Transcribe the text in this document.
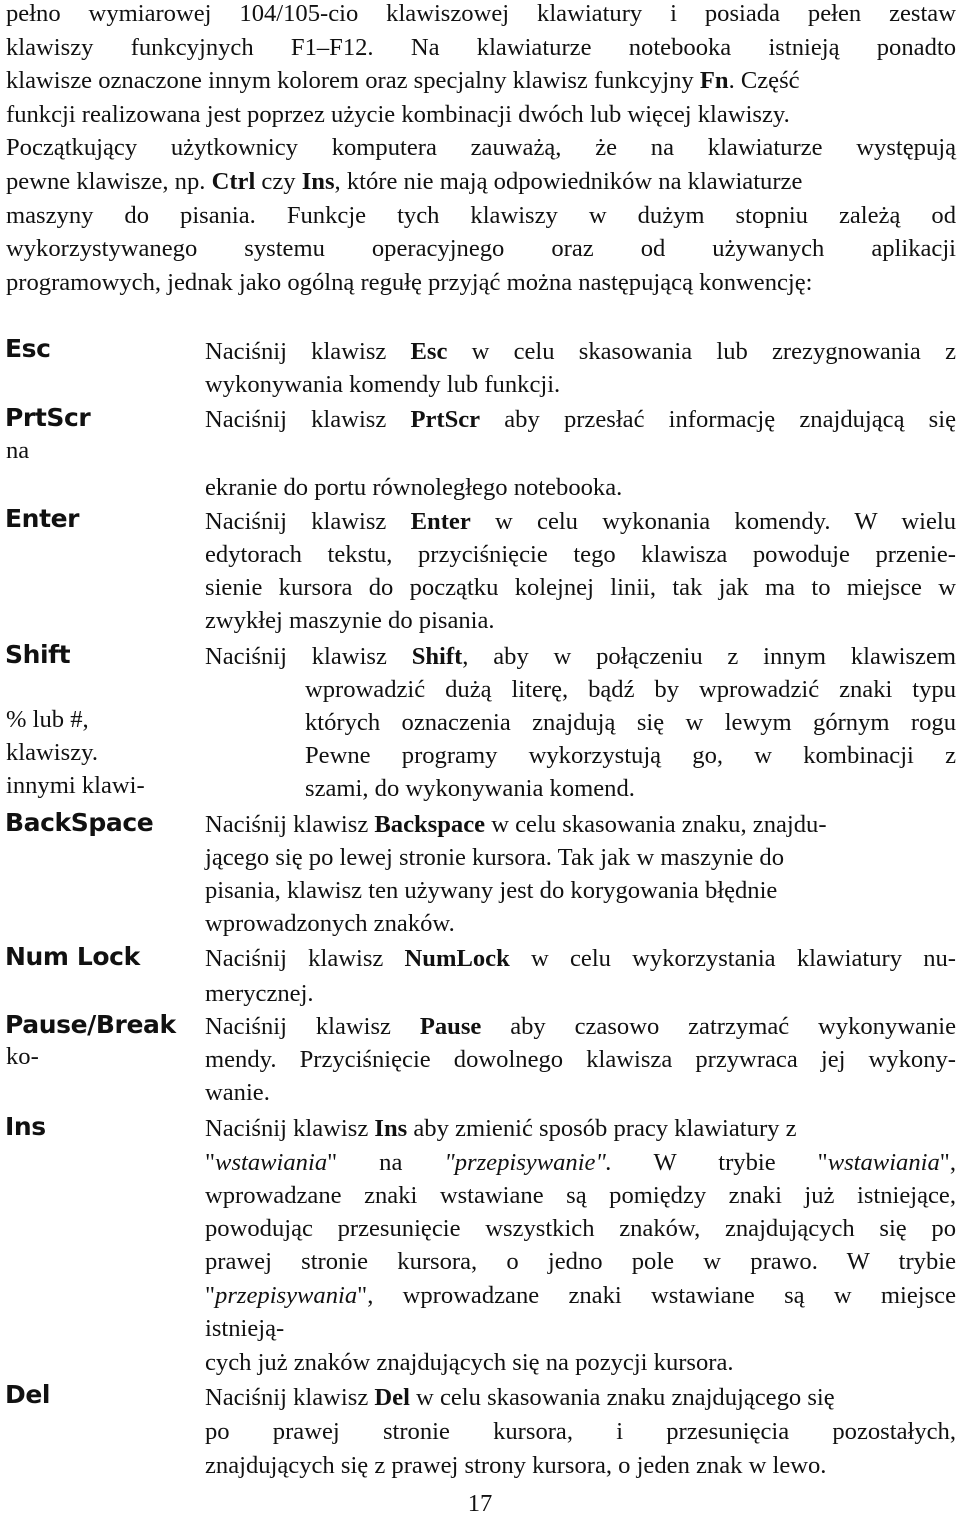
pełno wymiarowej 104/105-cio klawiszowej klawiatury i posiada pełen zestaw
klawiszy funkcyjnych F1–F12. Na klawiaturze notebooka istnieją ponadto
klawisze oznaczone innym kolorem oraz specjalny klawisz funkcyjny Fn. Część
funkcji realizowana jest poprzez użycie kombinacji dwóch lub więcej klawiszy.
Początkujący użytkownicy komputera zauważą, że na klawiaturze występują
pewne klawisze, np. Ctrl czy Ins, które nie mają odpowiedników na klawiaturze
maszyny do pisania. Funkcje tych klawiszy w dużym stopniu zależą od
wykorzystywanego systemu operacyjnego oraz od używanych aplikacji
programowych, jednak jako ogólną regułę przyjąć można następującą konwencję:
Esc
PrtScr
na
Enter
Shift
% lub #,
klawiszy.
innymi klawi-
BackSpace
Num Lock
Pause/Break
ko-
Ins
Del
Naciśnij klawisz Esc w celu skasowania lub zrezygnowania z
wykonywania komendy lub funkcji.
Naciśnij klawisz PrtScr aby przesłać informację znajdującą się
ekranie do portu równoległego notebooka.
Naciśnij klawisz Enter w celu wykonania komendy. W wielu
edytorach tekstu, przyciśnięcie tego klawisza powoduje przenie-
sienie kursora do początku kolejnej linii, tak jak ma to miejsce w
zwykłej maszynie do pisania.
Naciśnij klawisz Shift, aby w połączeniu z innym klawiszem
wprowadzić dużą literę, bądź by wprowadzić znaki typu
których oznaczenia znajdują się w lewym górnym rogu
Pewne programy wykorzystują go, w kombinacji z
szami, do wykonywania komend.
Naciśnij klawisz Backspace w celu skasowania znaku, znajdu-
jącego się po lewej stronie kursora. Tak jak w maszynie do
pisania, klawisz ten używany jest do korygowania błędnie
wprowadzonych znaków.
Naciśnij klawisz NumLock w celu wykorzystania klawiatury nu-
merycznej.
Naciśnij klawisz Pause aby czasowo zatrzymać wykonywanie
mendy. Przyciśnięcie dowolnego klawisza przywraca jej wykony-
wanie.
Naciśnij klawisz Ins aby zmienić sposób pracy klawiatury z
"wstawiania" na "przepisywanie". W trybie "wstawiania",
wprowadzane znaki wstawiane są pomiędzy znaki już istniejące,
powodując przesunięcie wszystkich znaków, znajdujących się po
prawej stronie kursora, o jedno pole w prawo. W trybie
"przepisywania", wprowadzane znaki wstawiane są w miejsce
istnieją-
cych już znaków znajdujących się na pozycji kursora.
Naciśnij klawisz Del w celu skasowania znaku znajdującego się
po prawej stronie kursora, i przesunięcia pozostałych,
znajdujących się z prawej strony kursora, o jeden znak w lewo.
17
